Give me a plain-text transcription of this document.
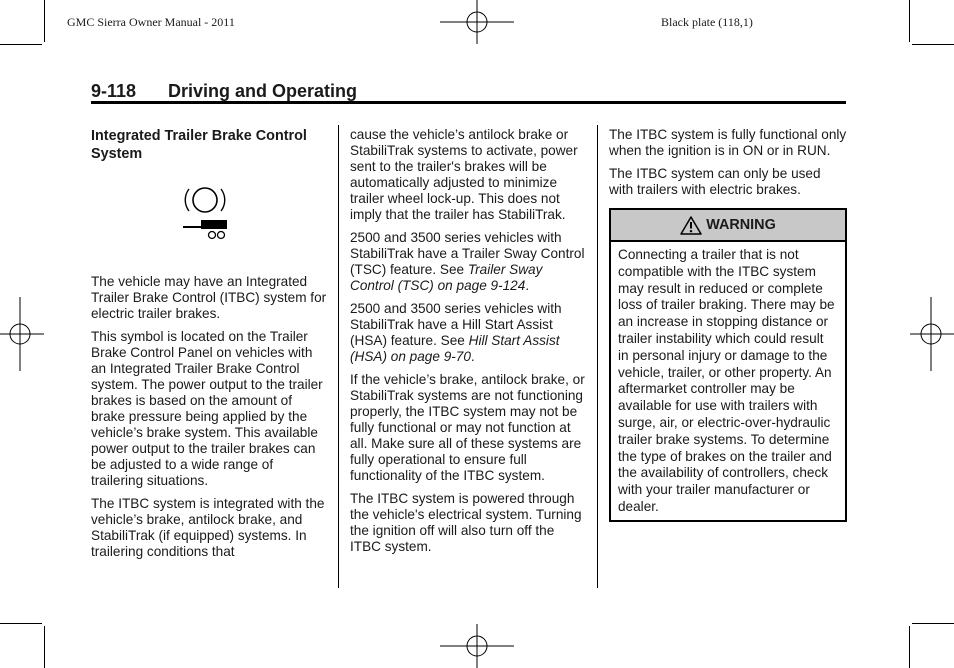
GMC Sierra Owner Manual - 2011	Black plate (118,1)
9-118 Driving and Operating
Integrated Trailer Brake Control System

The vehicle may have an Integrated Trailer Brake Control (ITBC) system for electric trailer brakes.

This symbol is located on the Trailer Brake Control Panel on vehicles with an Integrated Trailer Brake Control system. The power output to the trailer brakes is based on the amount of brake pressure being applied by the vehicle’s brake system. This available power output to the trailer brakes can be adjusted to a wide range of trailering situations.

The ITBC system is integrated with the vehicle’s brake, antilock brake, and StabiliTrak (if equipped) systems. In trailering conditions that

cause the vehicle’s antilock brake or StabiliTrak systems to activate, power sent to the trailer's brakes will be automatically adjusted to minimize trailer wheel lock-up. This does not imply that the trailer has StabiliTrak.

2500 and 3500 series vehicles with StabiliTrak have a Trailer Sway Control (TSC) feature. See Trailer Sway Control (TSC) on page 9-124.

2500 and 3500 series vehicles with StabiliTrak have a Hill Start Assist (HSA) feature. See Hill Start Assist (HSA) on page 9-70.

If the vehicle’s brake, antilock brake, or StabiliTrak systems are not functioning properly, the ITBC system may not be fully functional or may not function at all. Make sure all of these systems are fully operational to ensure full functionality of the ITBC system.

The ITBC system is powered through the vehicle's electrical system. Turning the ignition off will also turn off the ITBC system.

The ITBC system is fully functional only when the ignition is in ON or in RUN.

The ITBC system can only be used with trailers with electric brakes.

WARNING
Connecting a trailer that is not compatible with the ITBC system may result in reduced or complete loss of trailer braking. There may be an increase in stopping distance or trailer instability which could result in personal injury or damage to the vehicle, trailer, or other property. An aftermarket controller may be available for use with trailers with surge, air, or electric-over-hydraulic trailer brake systems. To determine the type of brakes on the trailer and the availability of controllers, check with your trailer manufacturer or dealer.
